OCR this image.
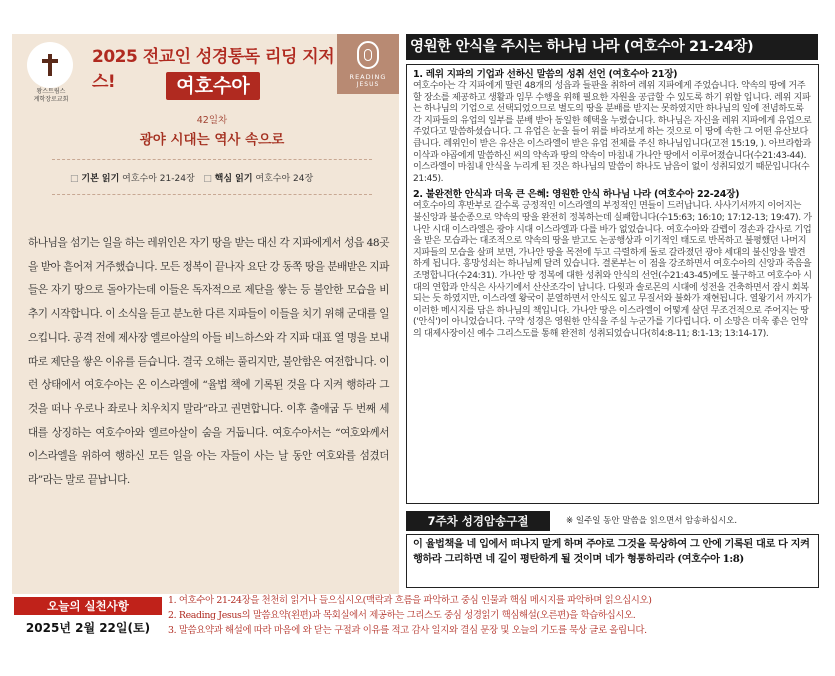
왕스트림스
계학장로교회
2025 전교인 성경통독 리딩 지저스!	READING
JESUS
여호수아
42일차
광야 시대는 역사 속으로
□ 기본 읽기 여호수아 21-24장 □ 핵심 읽기 여호수아 24장
하나님을 섬기는 일을 하는 레위인은 자기 땅을 받는 대신 각 지파에게서 성읍 48곳을 받아 흩어져 거주했습니다. 모든 정복이 끝나자 요단 강 동쪽 땅을 분배받은 지파들은 자기 땅으로 돌아가는데 이들은 독자적으로 제단을 쌓는 등 불안한 모습을 비추기 시작합니다. 이 소식을 듣고 분노한 다른 지파들이 이들을 치기 위해 군대를 일으킵니다. 공격 전에 제사장 엘르아살의 아들 비느하스와 각 지파 대표 열 명을 보내 따로 제단을 쌓은 이유를 듣습니다. 결국 오해는 풀리지만, 불안함은 여전합니다. 이런 상태에서 여호수아는 온 이스라엘에 “율법 책에 기록된 것을 다 지켜 행하라 그것을 떠나 우로나 좌로나 치우치지 말라”라고 권면합니다. 이후 출애굽 두 번째 세대를 상징하는 여호수아와 엘르아살이 숨을 거둡니다. 여호수아서는 “여호와께서 이스라엘을 위하여 행하신 모든 일을 아는 자들이 사는 날 동안 여호와를 섬겼더라”라는 말로 끝납니다.
영원한 안식을 주시는 하나님 나라 (여호수아 21-24장)
1. 레위 지파의 기업과 선하신 말씀의 성취 선언 (여호수아 21장)
여호수아는 각 지파에게 딸린 48개의 성읍과 들판을 취하여 레위 지파에게 주었습니다. 약속의 땅에 거주할 장소를 제공하고 생활과 임무 수행을 위해 필요한 자원을 공급할 수 있도록 하기 위함 입니다. 레위 지파는 하나님의 기업으로 선택되었으므로 별도의 땅을 분배를 받지는 못하였지만 하나님의 일에 전념하도록 각 지파들의 유업의 일부를 분배 받아 동일한 혜택을 누렸습니다. 하나님은 자신을 레위 지파에게 유업으로 주었다고 말씀하셨습니다. 그 유업은 눈을 들어 위를 바라보게 하는 것으로 이 땅에 속한 그 어떤 유산보다 큽니다. 레위인이 받은 유산은 이스라엘이 받은 유업 전체를 주신 하나님입니다(고전 15:19, ). 아브라함과 이삭과 야곱에게 말씀하신 씨의 약속과 땅의 약속이 마침내 가나안 땅에서 이루어졌습니다(수21:43-44). 이스라엘이 마침내 안식을 누리게 된 것은 하나님의 말씀이 하나도 남음이 없이 성취되었기 때문입니다(수21:45).
2. 불완전한 안식과 더욱 큰 은혜: 영원한 안식 하나님 나라 (여호수아 22-24장)
여호수아의 후반부로 갈수록 긍정적인 이스라엘의 부정적인 면들이 드러납니다. 사사기서까지 이어지는 불신앙과 불순종으로 약속의 땅을 완전히 정복하는데 실패합니다(수15:63; 16:10; 17:12-13; 19:47). 가나안 시대 이스라엘은 광야 시대 이스라엘과 다를 바가 없었습니다. 여호수아와 갈렙이 경손과 감사로 기업을 받은 모습과는 대조적으로 약속의 땅을 받고도 논공행상과 이기적인 태도로 반목하고 불평했던 나머지 지파들의 모습을 살펴 보면, 가나안 땅을 목전에 두고 극렬하게 돌로 갈라졌던 광야 세대의 불신앙을 발견하게 됩니다. 흥망성쇠는 하나님께 달려 있습니다. 결론부는 이 점을 강조하면서 여호수아의 신앙과 죽음을 조명합니다(수24:31). 가나안 땅 정복에 대한 성취와 안식의 선언(수21:43-45)에도 불구하고 여호수아 시대의 연합과 안식은 사사기에서 산산조각이 납니다. 다윗과 솔로몬의 시대에 성전을 건축하면서 잠시 회복되는 듯 하였지만, 이스라엘 왕국이 분열하면서 안식도 잃고 무질서와 불화가 재현됩니다. 열왕기서 까지가 이러한 메시지를 담은 하나님의 책입니다. 가나안 땅은 이스라엘이 어떻게 살던 무조건적으로 주어지는 땅('안식')이 아니었습니다. 구약 성경은 영원한 안식을 주실 누군가를 기다립니다. 이 소망은 더욱 좋은 언약의 대제사장이신 예수 그리스도를 통해 완전히 성취되었습니다(히4:8-11; 8:1-13; 13:14-17).
7주차 성경암송구절	※ 일주일 동안 말씀을 읽으면서 암송하십시오.
이 율법책을 네 입에서 떠나지 말게 하며 주야로 그것을 묵상하여 그 안에 기록된 대로 다 지켜 행하라 그리하면 네 길이 평탄하게 될 것이며 네가 형통하리라 (여호수아 1:8)
오늘의 실천사항
2025년 2월 22일(토)
1. 여호수아 21-24장을 천천히 읽거나 들으십시오(맥락과 흐름을 파악하고 중심 인물과 핵심 메시지를 파악하며 읽으십시오)
2. Reading Jesus의 말씀요약(왼편)과 목회실에서 제공하는 그리스도 중심 성경읽기 핵심해설(오른편)을 학습하십시오.
3. 말씀요약과 해설에 따라 마음에 와 닫는 구절과 이유를 적고 감사 일지와 결심 문장 및 오늘의 기도를 묵상 글로 올립니다.
